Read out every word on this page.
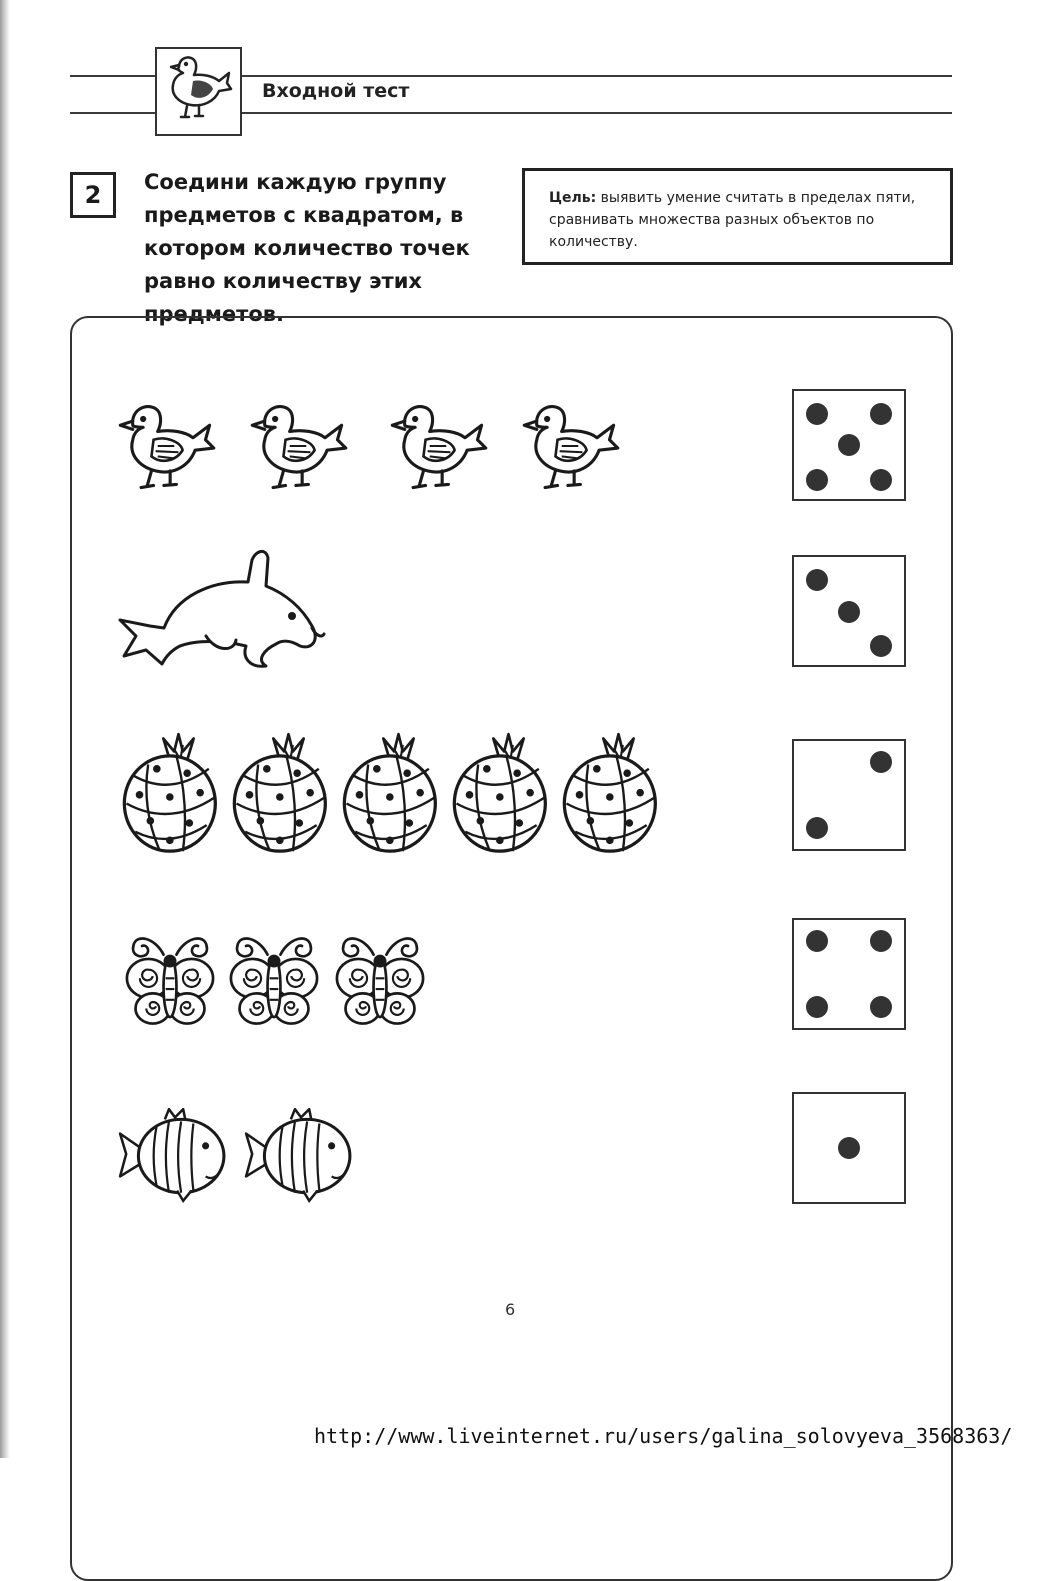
Входной тест
2	Соедини каждую группу предметов с квадратом, в котором количество точек равно количеству этих предметов.

Цель: выявить умение считать в пределах пяти, сравнивать множества разных объектов по количеству.
6
http://www.liveinternet.ru/users/galina_solovyeva_3568363/
